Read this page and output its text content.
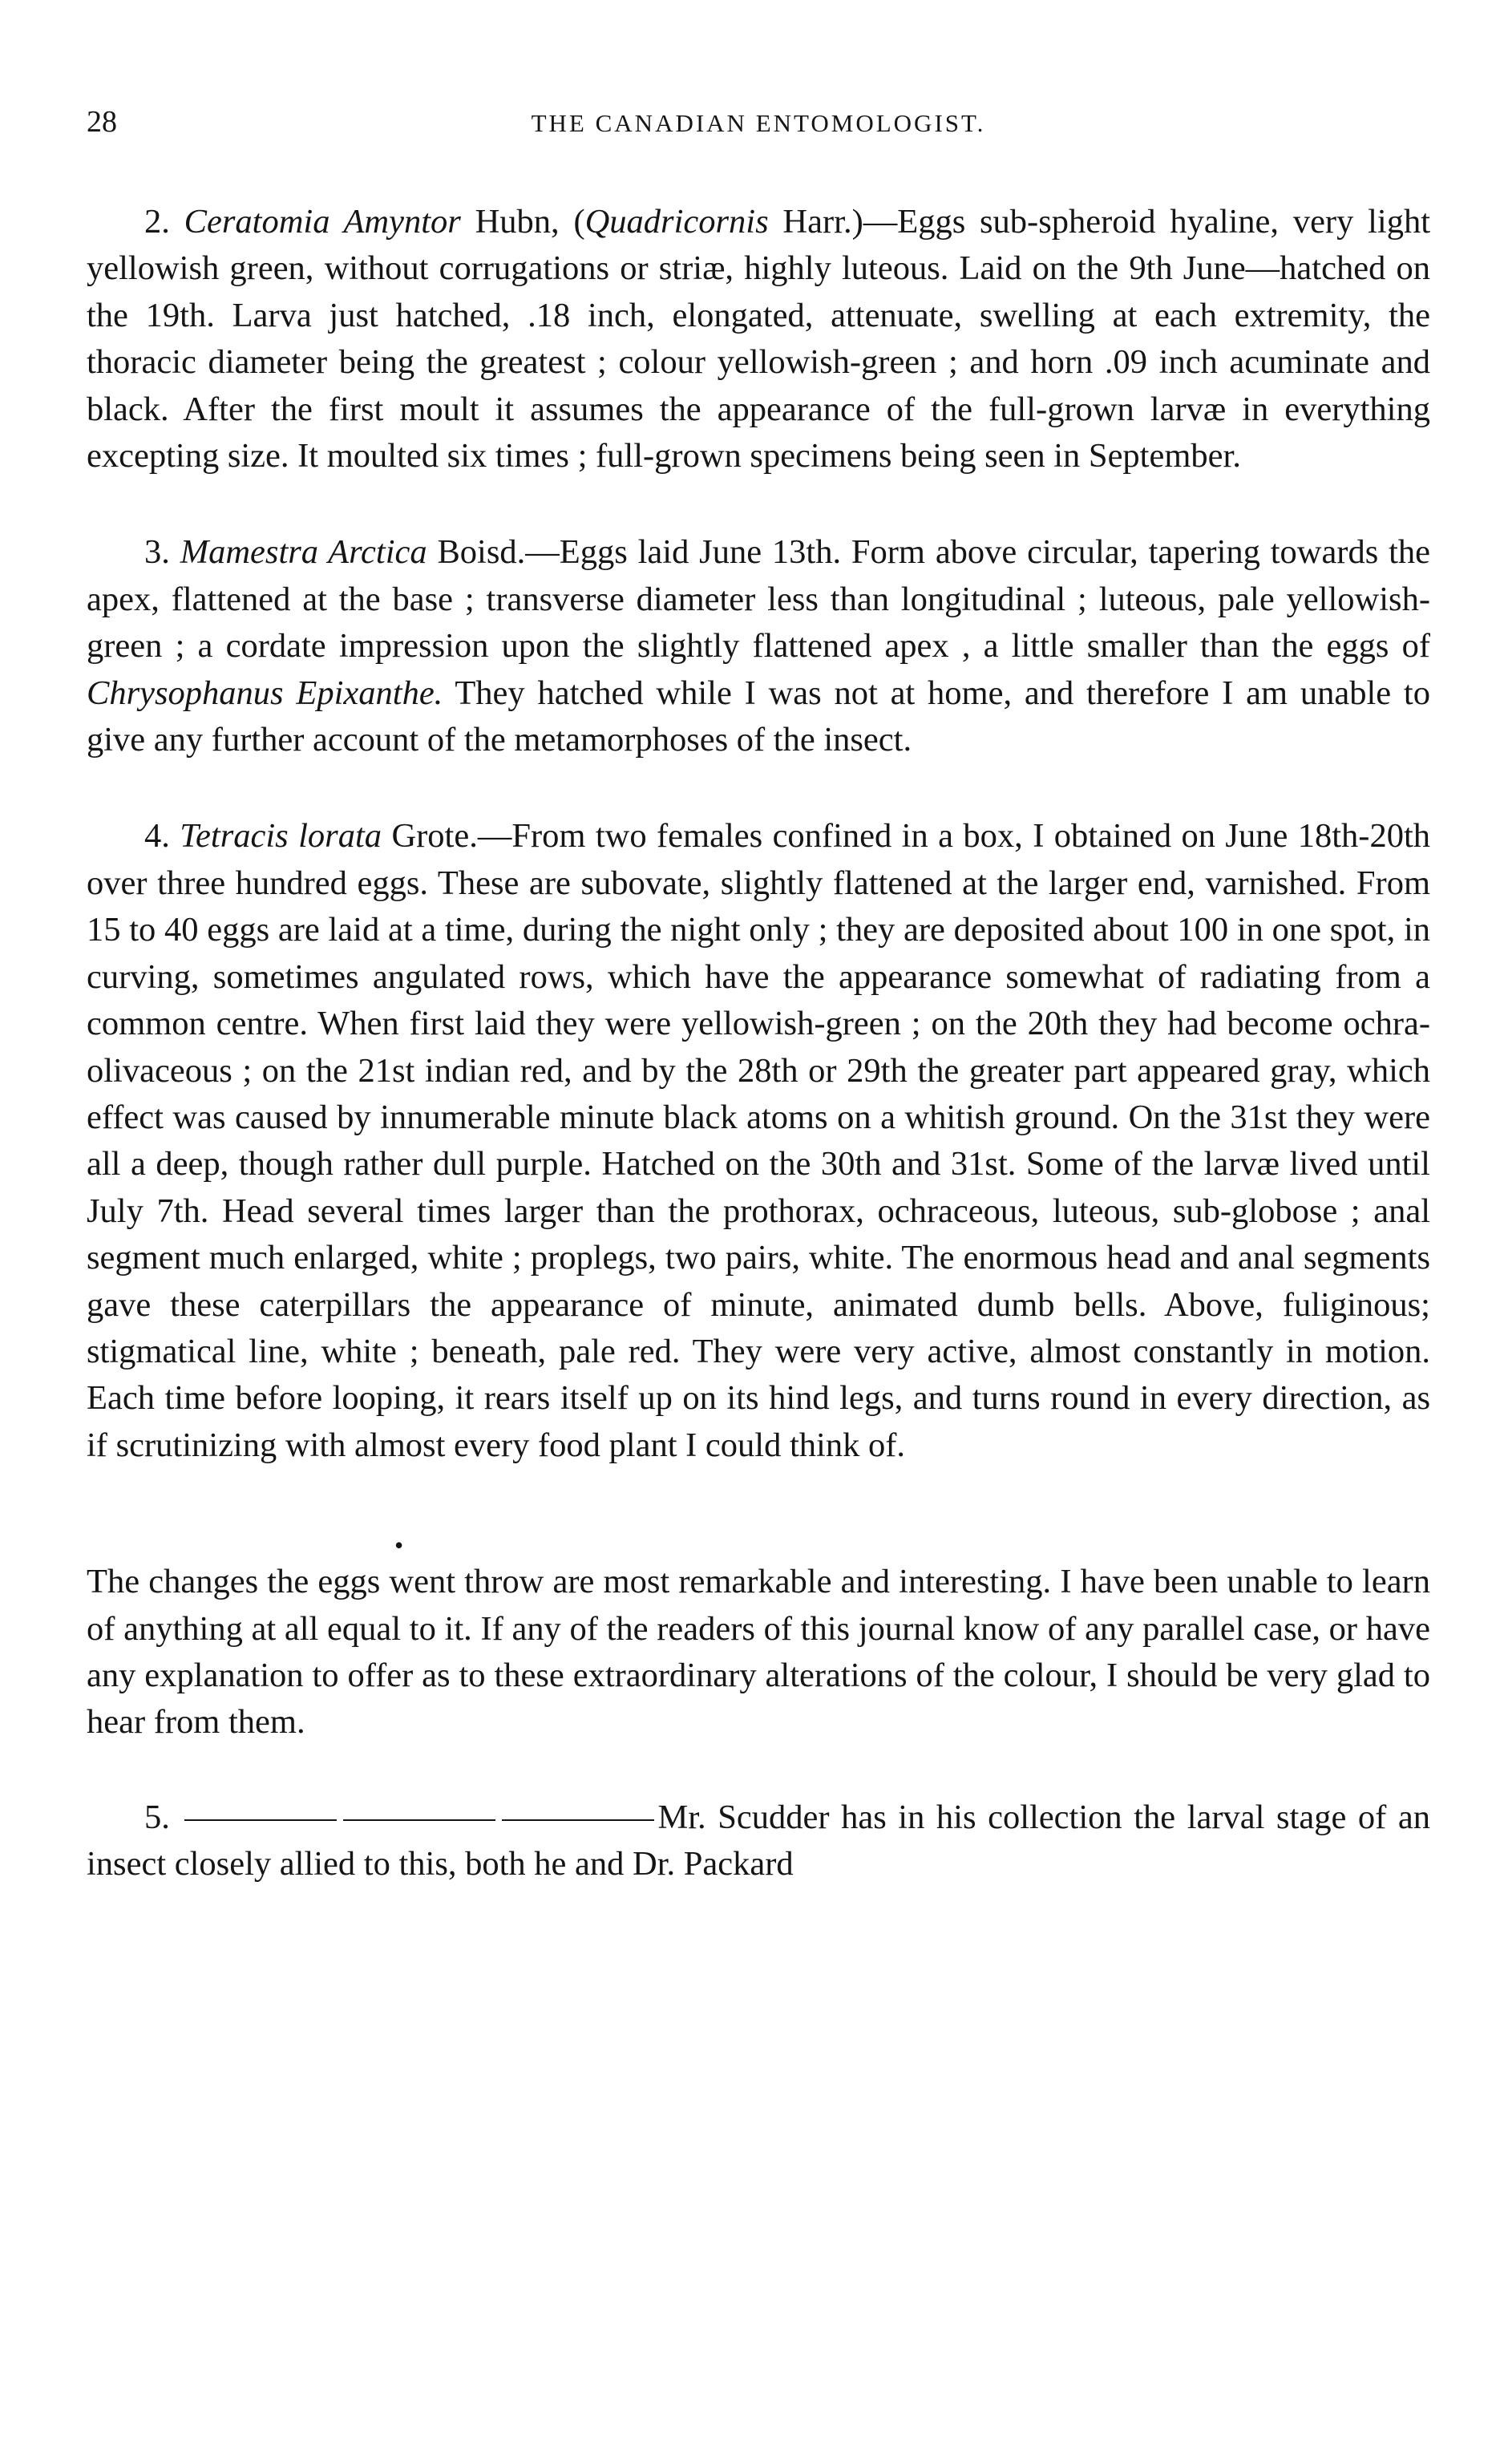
28	THE CANADIAN ENTOMOLOGIST.

2. Ceratomia Amyntor Hubn, (Quadricornis Harr.)—Eggs sub-spheroid hyaline, very light yellowish green, without corrugations or striæ, highly luteous. Laid on the 9th June—hatched on the 19th. Larva just hatched, .18 inch, elongated, attenuate, swelling at each extremity, the thoracic diameter being the greatest ; colour yellowish-green ; and horn .09 inch acuminate and black. After the first moult it assumes the appearance of the full-grown larvæ in everything excepting size. It moulted six times ; full-grown specimens being seen in September.

3. Mamestra Arctica Boisd.—Eggs laid June 13th. Form above circular, tapering towards the apex, flattened at the base ; transverse diameter less than longitudinal ; luteous, pale yellowish-green ; a cordate impression upon the slightly flattened apex , a little smaller than the eggs of Chrysophanus Epixanthe. They hatched while I was not at home, and therefore I am unable to give any further account of the metamorphoses of the insect.

4. Tetracis lorata Grote.—From two females confined in a box, I obtained on June 18th-20th over three hundred eggs. These are subovate, slightly flattened at the larger end, varnished. From 15 to 40 eggs are laid at a time, during the night only ; they are deposited about 100 in one spot, in curving, sometimes angulated rows, which have the appearance somewhat of radiating from a common centre. When first laid they were yellowish-green ; on the 20th they had become ochra-olivaceous ; on the 21st indian red, and by the 28th or 29th the greater part appeared gray, which effect was caused by innumerable minute black atoms on a whitish ground. On the 31st they were all a deep, though rather dull purple. Hatched on the 30th and 31st. Some of the larvæ lived until July 7th. Head several times larger than the prothorax, ochraceous, luteous, sub-globose ; anal segment much enlarged, white ; proplegs, two pairs, white. The enormous head and anal segments gave these caterpillars the appearance of minute, animated dumb bells. Above, fuliginous; stigmatical line, white ; beneath, pale red. They were very active, almost constantly in motion. Each time before looping, it rears itself up on its hind legs, and turns round in every direction, as if scrutinizing with almost every food plant I could think of.

•
The changes the eggs went throw are most remarkable and interesting. I have been unable to learn of anything at all equal to it. If any of the readers of this journal know of any parallel case, or have any explanation to offer as to these extraordinary alterations of the colour, I should be very glad to hear from them.

5.	Mr. Scudder has in his collection the larval stage of an insect closely allied to this, both he and Dr. Packard
